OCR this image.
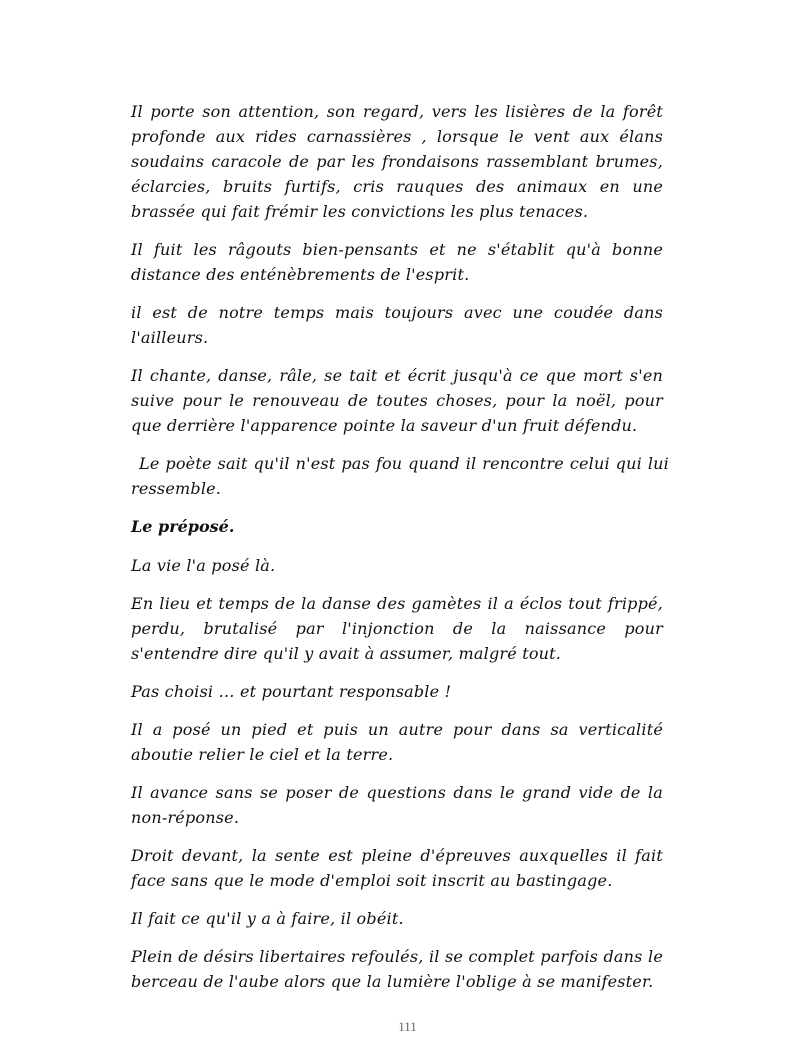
Il porte son attention, son regard, vers les lisières de la forêt profonde aux rides carnassières , lorsque le vent aux élans soudains caracole de par les frondaisons rassemblant brumes, éclarcies, bruits furtifs, cris rauques des animaux en une brassée qui fait frémir les convictions les plus tenaces.

Il fuit les râgouts bien-pensants et ne s'établit qu'à bonne distance des enténèbrements de l'esprit.

il est de notre temps mais toujours avec une coudée dans l'ailleurs.

Il chante, danse, râle, se tait et écrit jusqu'à ce que mort s'en suive pour le renouveau de toutes choses, pour la noël, pour que derrière l'apparence pointe la saveur d'un fruit défendu.

Le poète sait qu'il n'est pas fou quand il rencontre celui qui lui ressemble.

Le préposé.

La vie l'a posé là.

En lieu et temps de la danse des gamètes il a éclos tout frippé, perdu, brutalisé par l'injonction de la naissance pour s'entendre dire qu'il y avait à assumer, malgré tout.

Pas choisi … et pourtant responsable !

Il a posé un pied et puis un autre pour dans sa verticalité aboutie relier le ciel et la terre.

Il avance sans se poser de questions dans le grand vide de la non-réponse.

Droit devant, la sente est pleine d'épreuves auxquelles il fait face sans que le mode d'emploi soit inscrit au bastingage.

Il fait ce qu'il y a à faire, il obéit.

Plein de désirs libertaires refoulés, il se complet parfois dans le berceau de l'aube alors que la lumière l'oblige à se manifester.

111
